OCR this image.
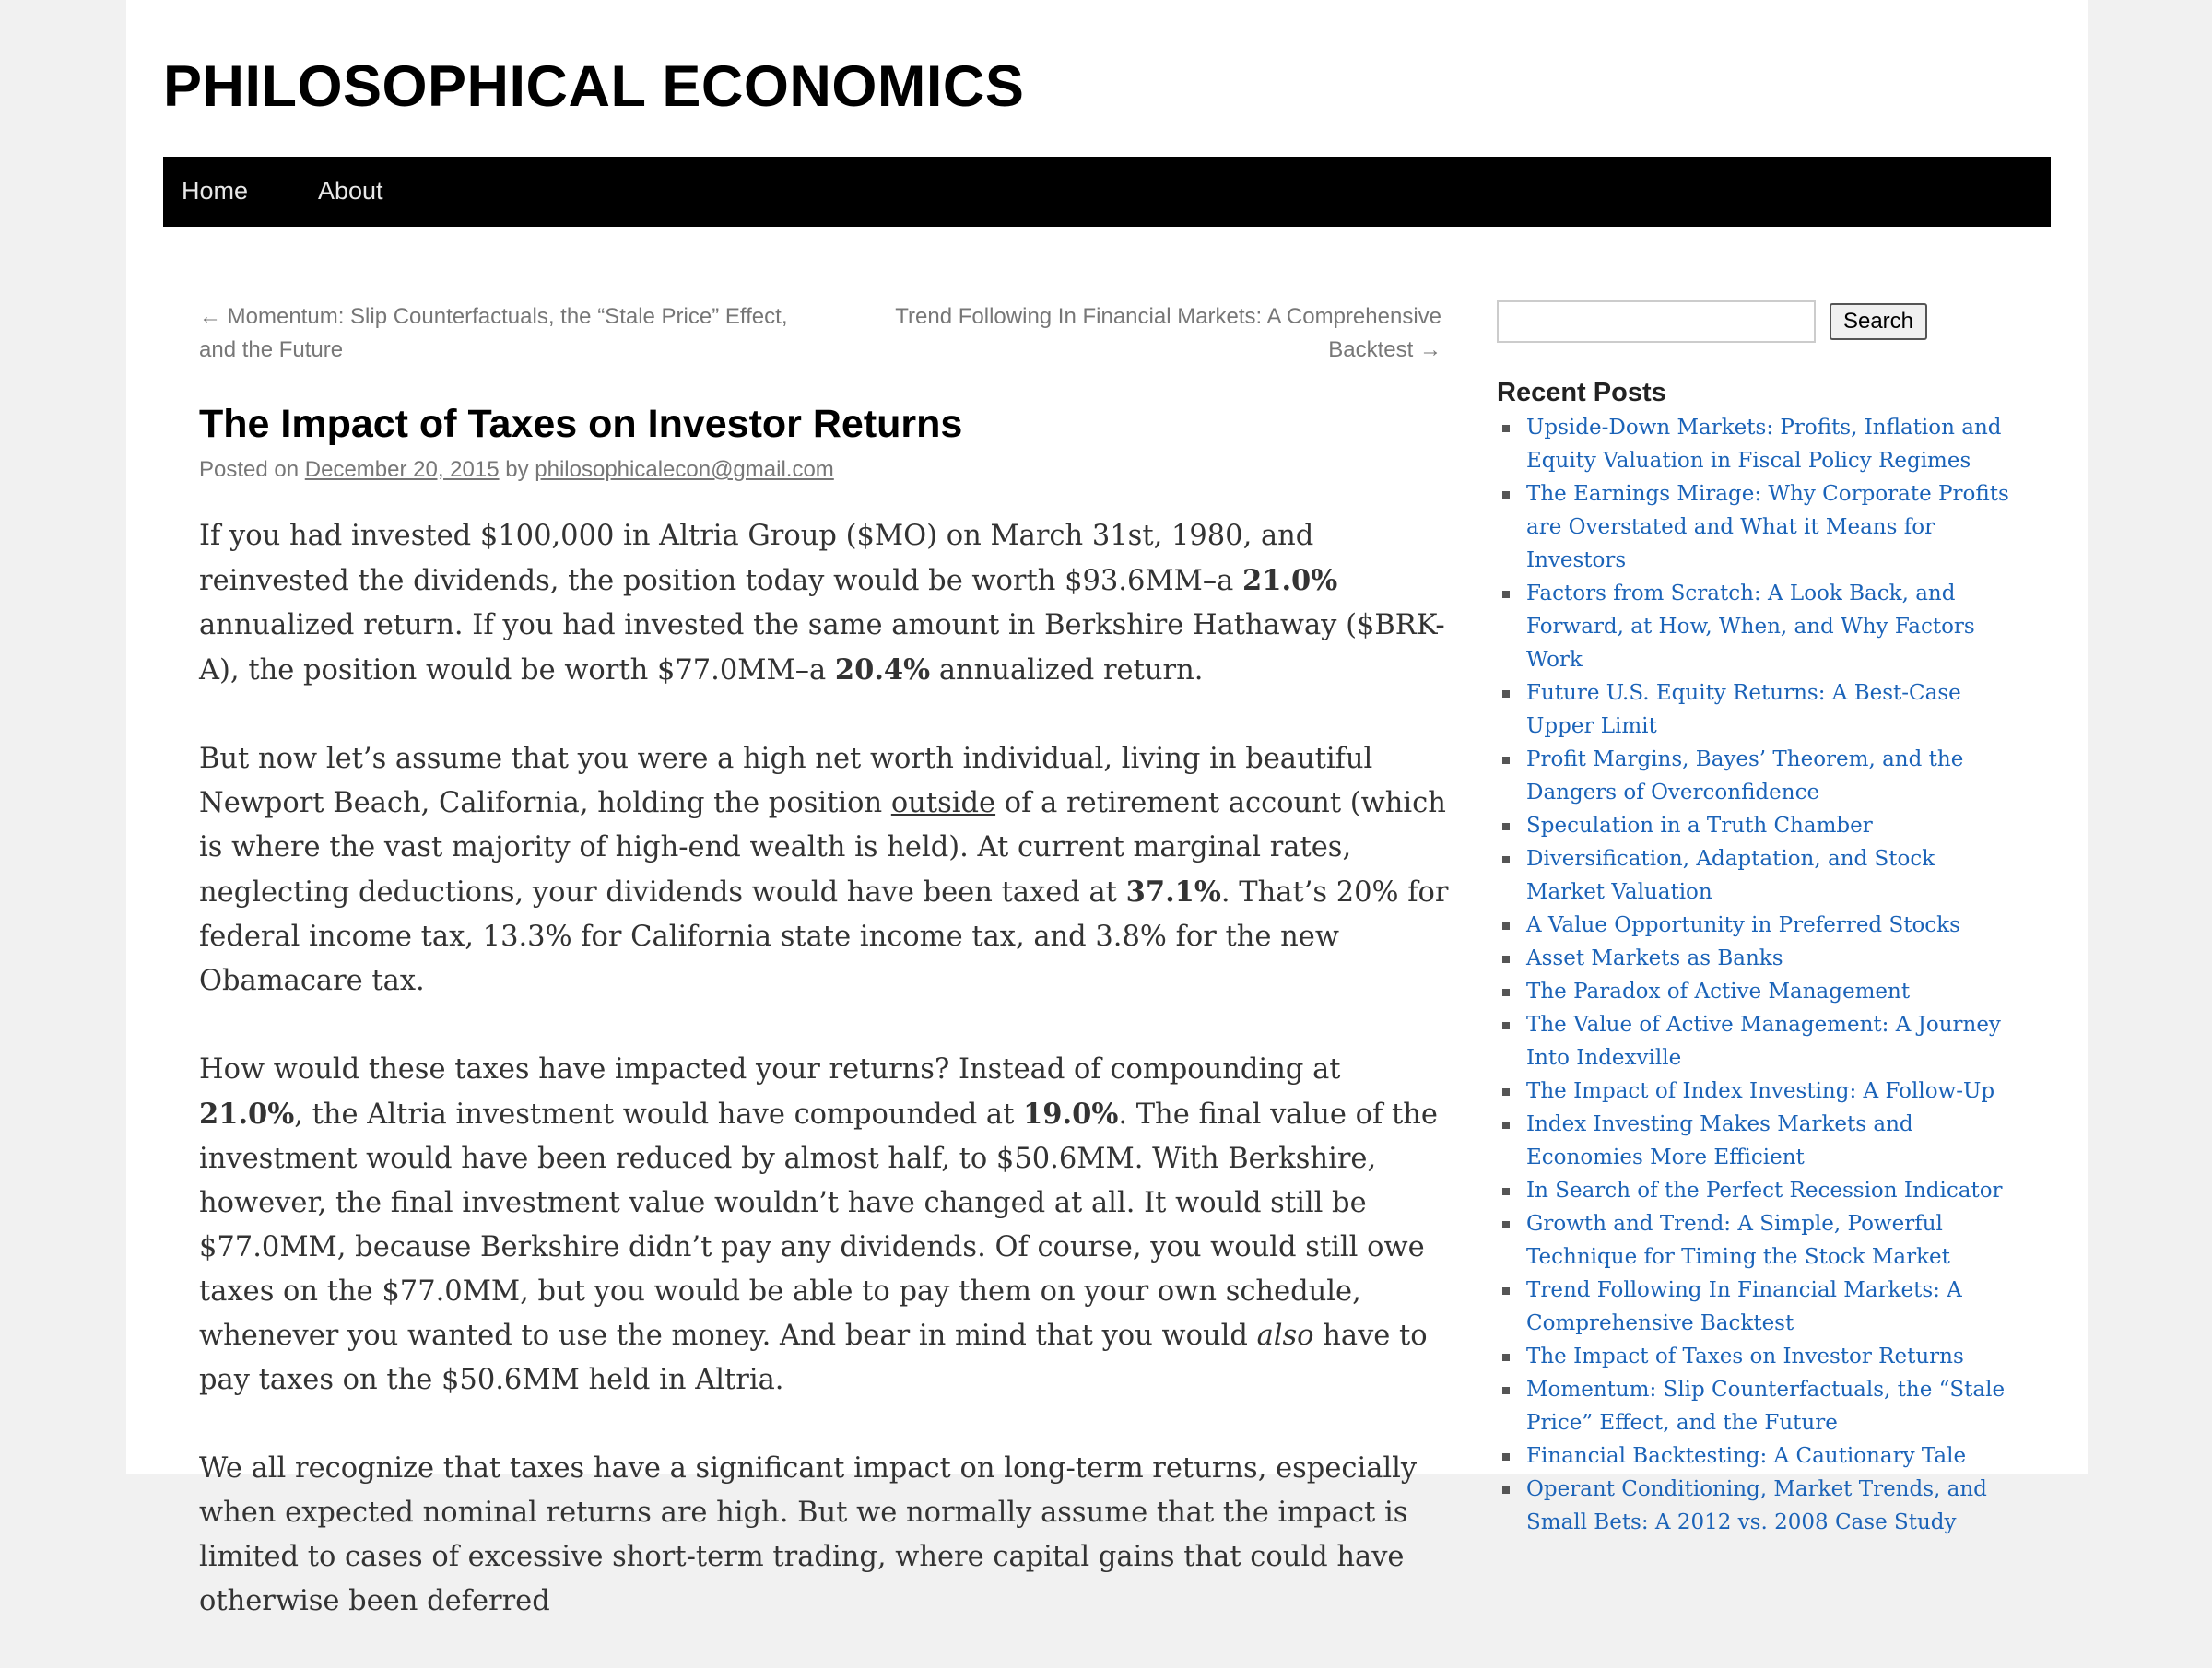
PHILOSOPHICAL ECONOMICS
Home	About
← Momentum: Slip Counterfactuals, the “Stale Price” Effect, and the Future
Trend Following In Financial Markets: A Comprehensive Backtest →
The Impact of Taxes on Investor Returns
Posted on December 20, 2015 by philosophicalecon@gmail.com

If you had invested $100,000 in Altria Group ($MO) on March 31st, 1980, and reinvested the dividends, the position today would be worth $93.6MM–a 21.0% annualized return. If you had invested the same amount in Berkshire Hathaway ($BRK-A), the position would be worth $77.0MM–a 20.4% annualized return.

But now let’s assume that you were a high net worth individual, living in beautiful Newport Beach, California, holding the position outside of a retirement account (which is where the vast majority of high-end wealth is held). At current marginal rates, neglecting deductions, your dividends would have been taxed at 37.1%. That’s 20% for federal income tax, 13.3% for California state income tax, and 3.8% for the new Obamacare tax.

How would these taxes have impacted your returns? Instead of compounding at 21.0%, the Altria investment would have compounded at 19.0%. The final value of the investment would have been reduced by almost half, to $50.6MM. With Berkshire, however, the final investment value wouldn’t have changed at all. It would still be $77.0MM, because Berkshire didn’t pay any dividends. Of course, you would still owe taxes on the $77.0MM, but you would be able to pay them on your own schedule, whenever you wanted to use the money. And bear in mind that you would also have to pay taxes on the $50.6MM held in Altria.

We all recognize that taxes have a significant impact on long-term returns, especially when expected nominal returns are high. But we normally assume that the impact is limited to cases of excessive short-term trading, where capital gains that could have otherwise been deferred

Search
Recent Posts
Upside-Down Markets: Profits, Inflation and Equity Valuation in Fiscal Policy Regimes
The Earnings Mirage: Why Corporate Profits are Overstated and What it Means for Investors
Factors from Scratch: A Look Back, and Forward, at How, When, and Why Factors Work
Future U.S. Equity Returns: A Best-Case Upper Limit
Profit Margins, Bayes’ Theorem, and the Dangers of Overconfidence
Speculation in a Truth Chamber
Diversification, Adaptation, and Stock Market Valuation
A Value Opportunity in Preferred Stocks
Asset Markets as Banks
The Paradox of Active Management
The Value of Active Management: A Journey Into Indexville
The Impact of Index Investing: A Follow-Up
Index Investing Makes Markets and Economies More Efficient
In Search of the Perfect Recession Indicator
Growth and Trend: A Simple, Powerful Technique for Timing the Stock Market
Trend Following In Financial Markets: A Comprehensive Backtest
The Impact of Taxes on Investor Returns
Momentum: Slip Counterfactuals, the “Stale Price” Effect, and the Future
Financial Backtesting: A Cautionary Tale
Operant Conditioning, Market Trends, and Small Bets: A 2012 vs. 2008 Case Study
